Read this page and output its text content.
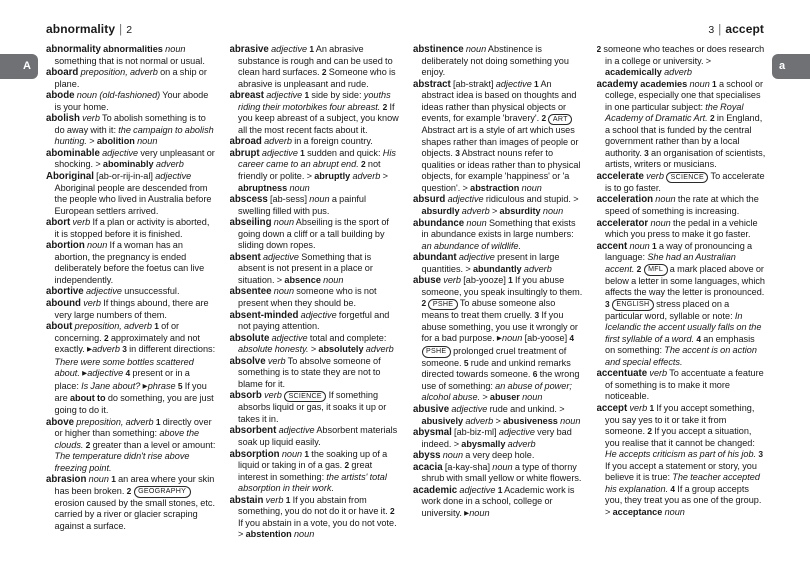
abnormality | 2	3 | accept
A	a

abnormality abnormalities noun something that is not normal or usual.

aboard preposition, adverb on a ship or plane.

abode noun (old-fashioned) Your abode is your home.

abolish verb To abolish something is to do away with it: the campaign to abolish hunting. > abolition noun

abominable adjective very unpleasant or shocking. > abominably adverb

Aboriginal [ab-or-rij-in-al] adjective Aboriginal people are descended from the people who lived in Australia before European settlers arrived.

abort verb If a plan or activity is aborted, it is stopped before it is finished.

abortion noun If a woman has an abortion, the pregnancy is ended deliberately before the foetus can live independently.

abortive adjective unsuccessful.

abound verb If things abound, there are very large numbers of them.

about preposition, adverb 1 of or concerning. 2 approximately and not exactly. ▶ adverb 3 in different directions: There were some bottles scattered about. ▶ adjective 4 present or in a place: Is Jane about? ▶ phrase 5 If you are about to do something, you are just going to do it.

above preposition, adverb 1 directly over or higher than something: above the clouds. 2 greater than a level or amount: The temperature didn't rise above freezing point.

abrasion noun 1 an area where your skin has been broken. 2 GEOGRAPHY erosion caused by the small stones, etc. carried by a river or glacier scraping against a surface.

abrasive adjective 1 An abrasive substance is rough and can be used to clean hard surfaces. 2 Someone who is abrasive is unpleasant and rude.

abreast adjective 1 side by side: youths riding their motorbikes four abreast. 2 If you keep abreast of a subject, you know all the most recent facts about it.

abroad adverb in a foreign country.

abrupt adjective 1 sudden and quick: His career came to an abrupt end. 2 not friendly or polite. > abruptly adverb > abruptness noun

abscess [ab-sess] noun a painful swelling filled with pus.

abseiling noun Abseiling is the sport of going down a cliff or a tall building by sliding down ropes.

absent adjective Something that is absent is not present in a place or situation. > absence noun

absentee noun someone who is not present when they should be.

absent-minded adjective forgetful and not paying attention.

absolute adjective total and complete: absolute honesty. > absolutely adverb

absolve verb To absolve someone of something is to state they are not to blame for it.

absorb verb SCIENCE If something absorbs liquid or gas, it soaks it up or takes it in.

absorbent adjective Absorbent materials soak up liquid easily.

absorption noun 1 the soaking up of a liquid or taking in of a gas. 2 great interest in something: the artists' total absorption in their work.

abstain verb 1 If you abstain from something, you do not do it or have it. 2 If you abstain in a vote, you do not vote. > abstention noun

abstinence noun Abstinence is deliberately not doing something you enjoy.

abstract [ab-strakt] adjective 1 An abstract idea is based on thoughts and ideas rather than physical objects or events, for example 'bravery'. 2 ART Abstract art is a style of art which uses shapes rather than images of people or objects. 3 Abstract nouns refer to qualities or ideas rather than to physical objects, for example 'happiness' or 'a question'. > abstraction noun

absurd adjective ridiculous and stupid. > absurdly adverb > absurdity noun

abundance noun Something that exists in abundance exists in large numbers: an abundance of wildlife.

abundant adjective present in large quantities. > abundantly adverb

abuse verb [ab-yooze] 1 If you abuse someone, you speak insultingly to them. 2 PSHE To abuse someone also means to treat them cruelly. 3 If you abuse something, you use it wrongly or for a bad purpose. ▶ noun [ab-yoose] 4 PSHE prolonged cruel treatment of someone. 5 rude and unkind remarks directed towards someone. 6 the wrong use of something: an abuse of power; alcohol abuse. > abuser noun

abusive adjective rude and unkind. > abusively adverb > abusiveness noun

abysmal [ab-biz-ml] adjective very bad indeed. > abysmally adverb

abyss noun a very deep hole.

acacia [a-kay-sha] noun a type of thorny shrub with small yellow or white flowers.

academic adjective 1 Academic work is work done in a school, college or university. ▶ noun

2 someone who teaches or does research in a college or university. > academically adverb

academy academies noun 1 a school or college, especially one that specialises in one particular subject: the Royal Academy of Dramatic Art. 2 in England, a school that is funded by the central government rather than by a local authority. 3 an organisation of scientists, artists, writers or musicians.

accelerate verb SCIENCE To accelerate is to go faster.

acceleration noun the rate at which the speed of something is increasing.

accelerator noun the pedal in a vehicle which you press to make it go faster.

accent noun 1 a way of pronouncing a language: She had an Australian accent. 2 MFL a mark placed above or below a letter in some languages, which affects the way the letter is pronounced. 3 ENGLISH stress placed on a particular word, syllable or note: In Icelandic the accent usually falls on the first syllable of a word. 4 an emphasis on something: The accent is on action and special effects.

accentuate verb To accentuate a feature of something is to make it more noticeable.

accept verb 1 If you accept something, you say yes to it or take it from someone. 2 If you accept a situation, you realise that it cannot be changed: He accepts criticism as part of his job. 3 If you accept a statement or story, you believe it is true: The teacher accepted his explanation. 4 If a group accepts you, they treat you as one of the group. > acceptance noun
